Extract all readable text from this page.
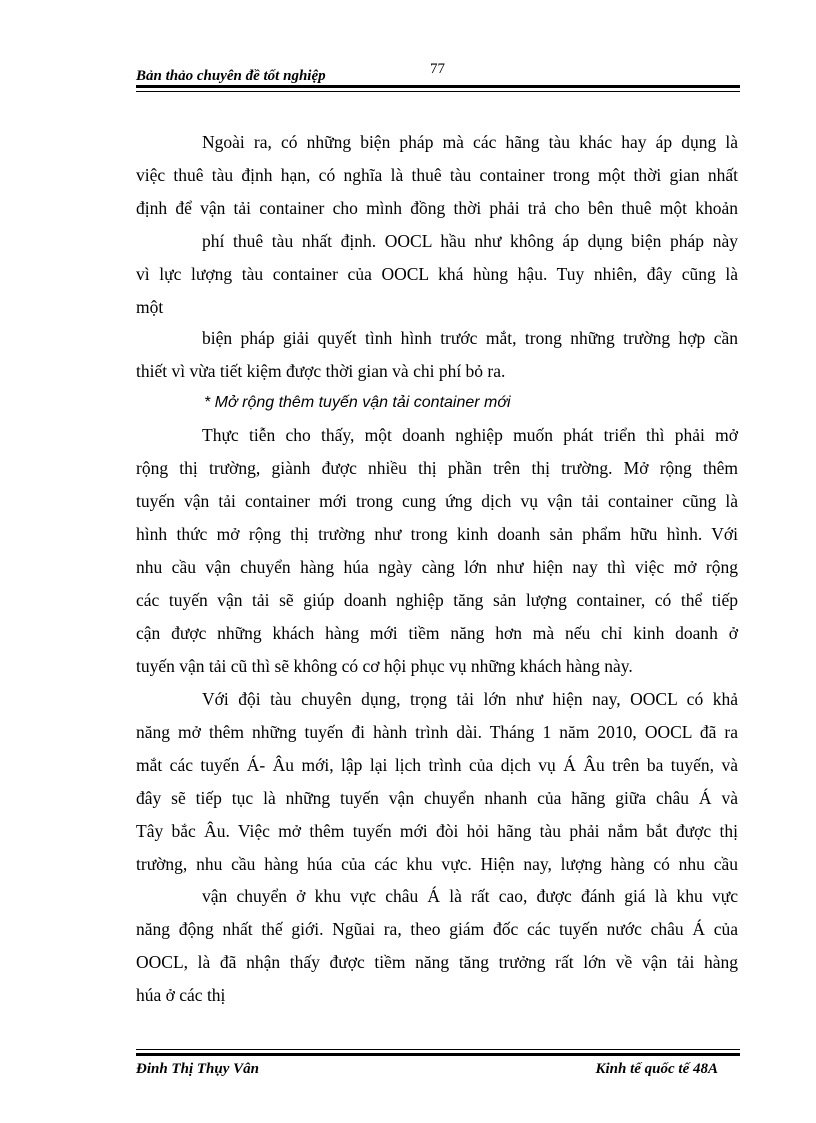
Bản thảo chuyên đề tốt nghiệp	77
Ngoài ra, có những biện pháp mà các hãng tàu khác hay áp dụng là
việc thuê tàu định hạn, có nghĩa là thuê tàu container trong một thời gian nhất
định để vận tải container cho mình đồng thời phải trả cho bên thuê một khoản
phí thuê tàu nhất định. OOCL hầu như không áp dụng biện pháp này
vì lực lượng tàu container của OOCL khá hùng hậu. Tuy nhiên, đây cũng là
một
biện pháp giải quyết tình hình trước mắt, trong những trường hợp cần
thiết vì vừa tiết kiệm được thời gian và chi phí bỏ ra.
* Mở rộng thêm tuyến vận tải container mới
Thực tiễn cho thấy, một doanh nghiệp muốn phát triển thì phải mở
rộng thị trường, giành được nhiều thị phần trên thị trường. Mở rộng thêm
tuyến vận tải container mới trong cung ứng dịch vụ vận tải container cũng là
hình thức mở rộng thị trường như trong kinh doanh sản phẩm hữu hình. Với
nhu cầu vận chuyển hàng húa ngày càng lớn như hiện nay thì việc mở rộng
các tuyến vận tải sẽ giúp doanh nghiệp tăng sản lượng container, có thể tiếp
cận được những khách hàng mới tiềm năng hơn mà nếu chỉ kinh doanh ở
tuyến vận tải cũ thì sẽ không có cơ hội phục vụ những khách hàng này.
Với đội tàu chuyên dụng, trọng tải lớn như hiện nay, OOCL có khả
năng mở thêm những tuyến đi hành trình dài. Tháng 1 năm 2010, OOCL đã ra
mắt các tuyến Á- Âu mới, lập lại lịch trình của dịch vụ Á Âu trên ba tuyến, và
đây sẽ tiếp tục là những tuyến vận chuyển nhanh của hãng giữa châu Á và
Tây bắc Âu. Việc mở thêm tuyến mới đòi hỏi hãng tàu phải nắm bắt được thị
trường, nhu cầu hàng húa của các khu vực. Hiện nay, lượng hàng có nhu cầu
vận chuyển ở khu vực châu Á là rất cao, được đánh giá là khu vực
năng động nhất thế giới. Ngũai ra, theo giám đốc các tuyến nước châu Á của
OOCL, là đã nhận thấy được tiềm năng tăng trưởng rất lớn về vận tải hàng
húa ở các thị
Đinh Thị Thụy Vân	Kinh tế quốc tế 48A
